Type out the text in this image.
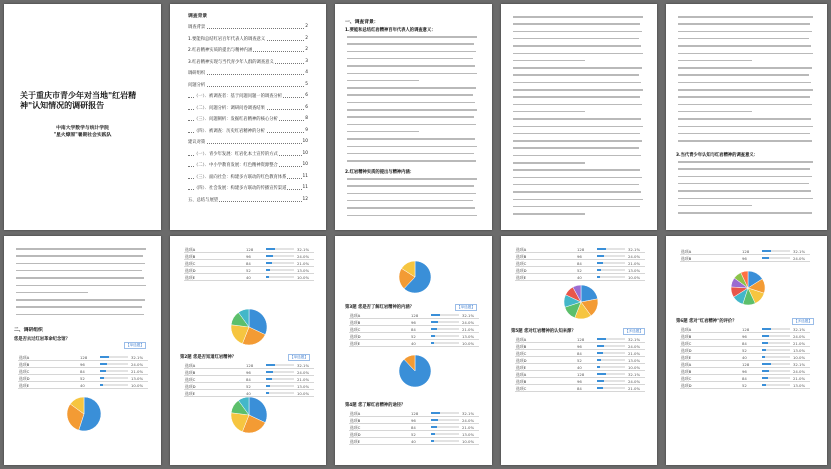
关于重庆市青少年对当地"红岩精神"认知情况的调研报告
中南大学数学与统计学院
"星火燎原"暑期社会实践队
调查背景
调查背景	2
1.要能和总结红岩百年代表人的调查意义	2
2.红岩精神实质的提出与精神内涵	2
3.红岩精神实现与当代青少年人群的调查意义	3
调研组织	4
问题分析	5
（一）．被调查者：基于问题问题一的调查分析	6
（二）．问题分析：调研问卷调查结果	6
（三）．问题阐析：发掘红岩精神的核心分析	8
（四）．被调查：历史红岩精神的分析	9
建议对策	10
（一）．青少年发展：红岩化本土宣传的方式	10
（二）．中小学教育发展：红色精神资源整合	10
（三）．面向社会：构建多方联动的红色教育体系	11
（四）．社会发展：构建多方联动的传播宣传渠道	11
五、总结与展望	12
一、调查背景：
1.要能和总结红岩精神百年代表人的调查意义：
2.红岩精神实质的提出与精神内涵：
3.当代青少年认知与红岩精神的调查意义：
二、调研组织
您是否去过红岩革命纪念馆？
【单选题】
选项A	128	32.1%
选项B	96	24.0%
选项C	84	21.0%
选项D	52	13.0%
选项E	40	10.0%
第2题 您是否知道红岩精神？	【单选题】
选项A	128	32.1%
选项B	96	24.0%
选项C	84	21.0%
选项D	52	13.0%
选项E	40	10.0%
选项A	128	32.1%
选项B	96	24.0%
选项C	84	21.0%
选项D	52	13.0%
选项E	40	10.0%
第3题 您是否了解红岩精神的内涵？	【单选题】
第4题 您了解红岩精神的途径？
选项A	128	32.1%
选项B	96	24.0%
选项C	84	21.0%
选项D	52	13.0%
选项E	40	10.0%
选项A	128	32.1%
选项B	96	24.0%
选项C	84	21.0%
选项D	52	13.0%
选项E	40	10.0%
第5题 您对红岩精神的认知来源？	【多选题】
选项A	128	32.1%
选项B	96	24.0%
选项C	84	21.0%
选项D	52	13.0%
选项E	40	10.0%
选项A	128	32.1%
选项B	96	24.0%
选项C	84	21.0%
选项D	52	13.0%
选项E	40	10.0%
选项A	128	32.1%
选项B	96	24.0%
选项C	84	21.0%
第6题 您对"红岩精神"的评价？	【多选题】
选项A	128	32.1%
选项B	96	24.0%
选项A	128	32.1%
选项B	96	24.0%
选项C	84	21.0%
选项D	52	13.0%
选项E	40	10.0%
选项A	128	32.1%
选项B	96	24.0%
选项C	84	21.0%
选项D	52	13.0%
